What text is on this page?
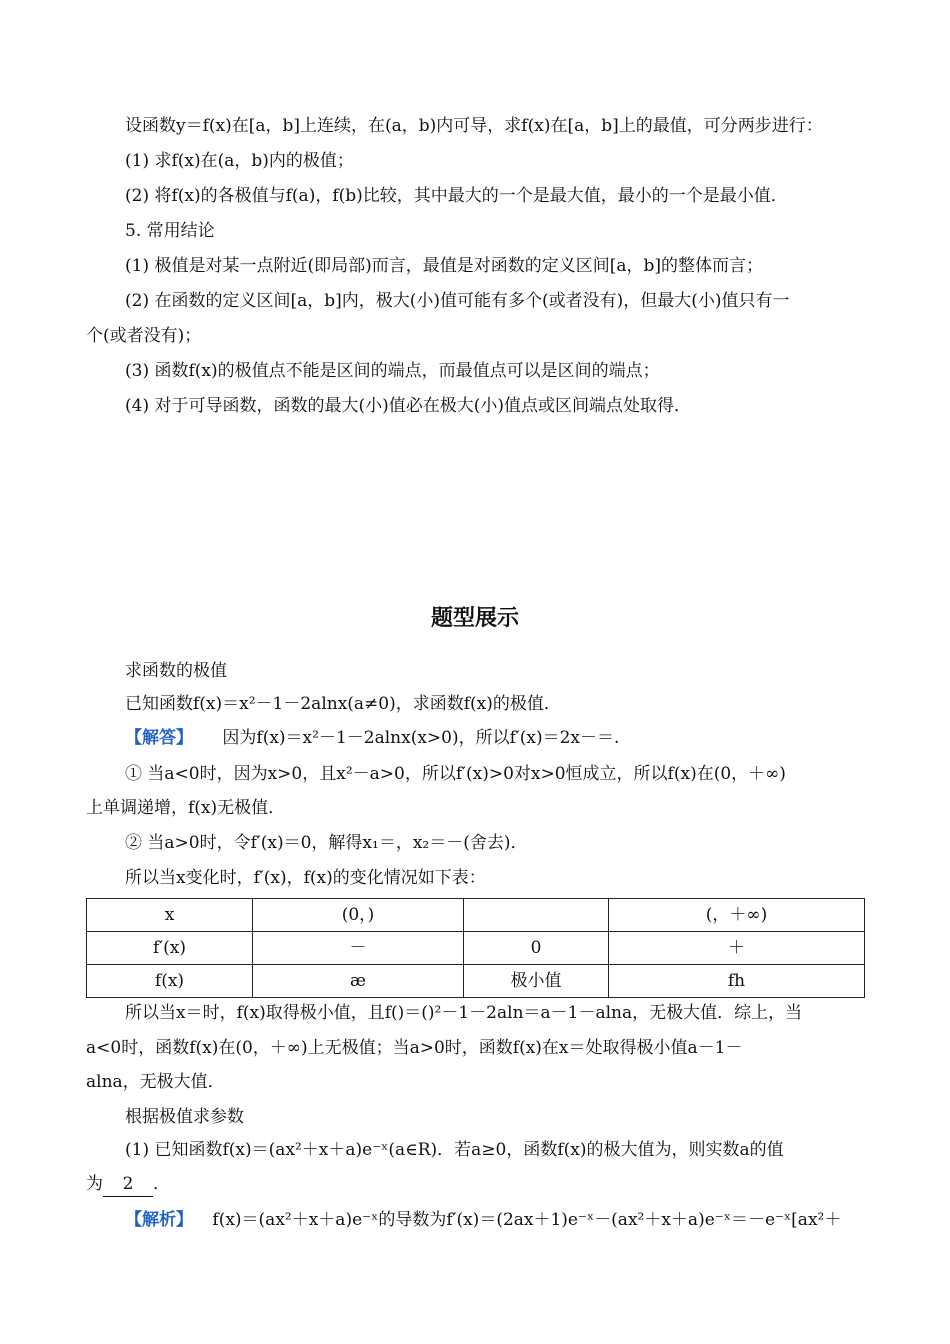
设函数y＝f(x)在[a，b]上连续，在(a，b)内可导，求f(x)在[a，b]上的最值，可分两步进行：
(1) 求f(x)在(a，b)内的极值；
(2) 将f(x)的各极值与f(a)，f(b)比较，其中最大的一个是最大值，最小的一个是最小值．
5. 常用结论
(1) 极值是对某一点附近(即局部)而言，最值是对函数的定义区间[a，b]的整体而言；
(2) 在函数的定义区间[a，b]内，极大(小)值可能有多个(或者没有)，但最大(小)值只有一
个(或者没有)；
(3) 函数f(x)的极值点不能是区间的端点，而最值点可以是区间的端点；
(4) 对于可导函数，函数的最大(小)值必在极大(小)值点或区间端点处取得．
题型展示
求函数的极值
已知函数f(x)＝x²－1－2alnx(a≠0)，求函数f(x)的极值．
【解答】 因为f(x)＝x²－1－2alnx(x>0)，所以f′(x)＝2x－＝.
① 当a<0时，因为x>0，且x²－a>0，所以f′(x)>0对x>0恒成立，所以f(x)在(0，＋∞)
上单调递增，f(x)无极值．
② 当a>0时，令f′(x)＝0，解得x₁＝，x₂＝－(舍去)．
所以当x变化时，f′(x)，f(x)的变化情况如下表：
x	(0，)		(，＋∞)
f′(x)	－	0	＋
f(x)	æ	极小值	fh
所以当x＝时，f(x)取得极小值，且f()＝()²－1－2aln＝a－1－alna，无极大值．综上，当
a<0时，函数f(x)在(0，＋∞)上无极值；当a>0时，函数f(x)在x＝处取得极小值a－1－
alna，无极大值．
根据极值求参数
(1) 已知函数f(x)＝(ax²＋x＋a)e⁻ˣ(a∈R)．若a≥0，函数f(x)的极大值为，则实数a的值
为 2 ．
【解析】 f(x)＝(ax²＋x＋a)e⁻ˣ的导数为f′(x)＝(2ax＋1)e⁻ˣ－(ax²＋x＋a)e⁻ˣ＝－e⁻ˣ[ax²＋
